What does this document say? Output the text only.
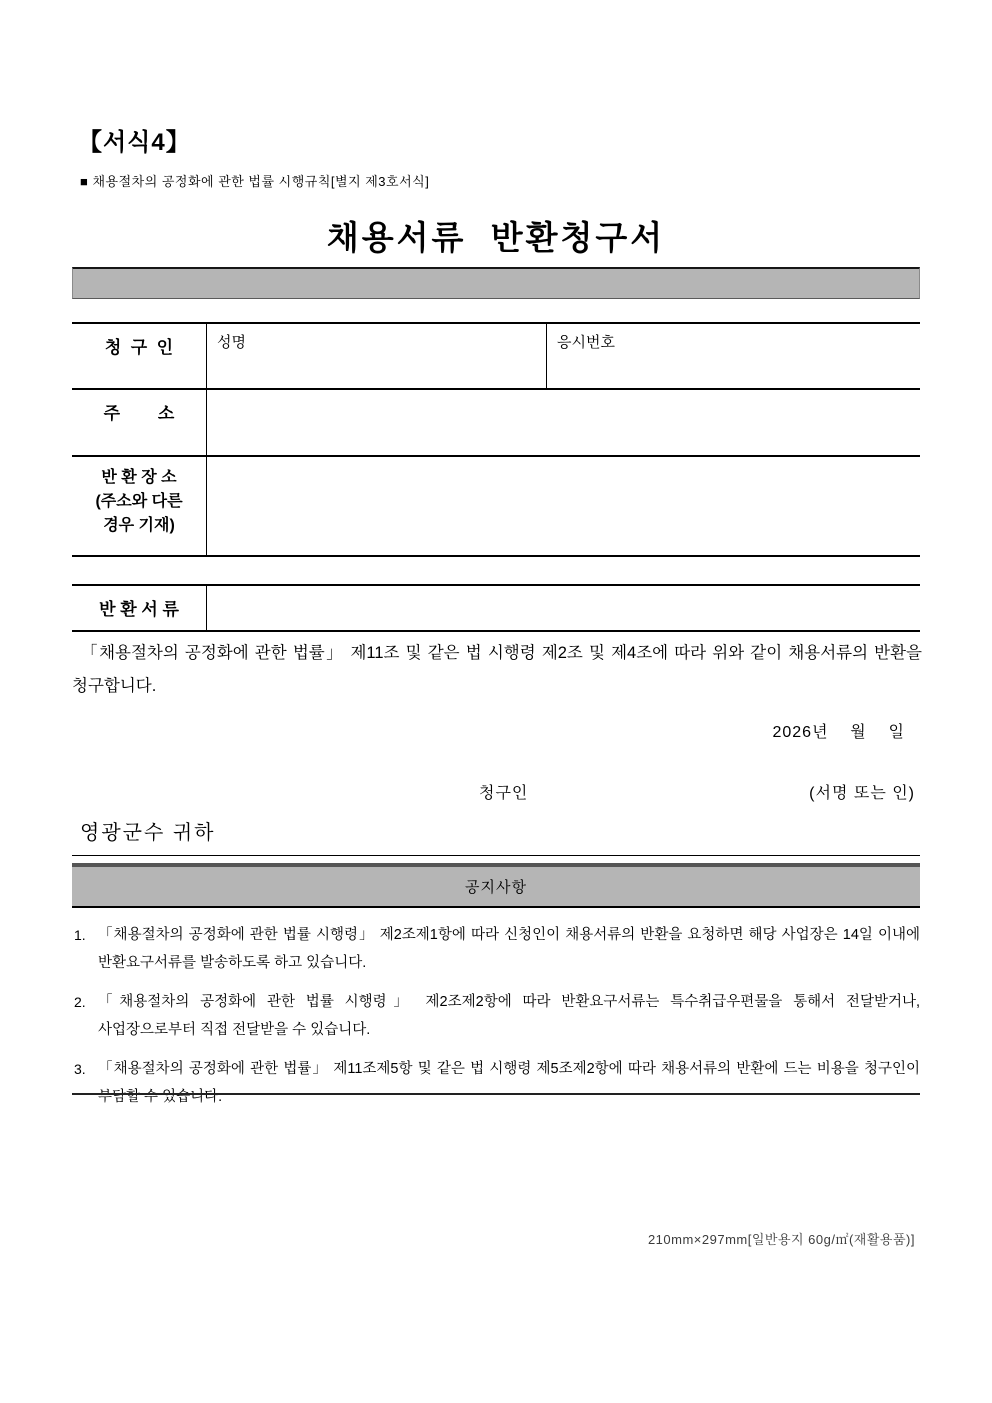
【서식4】
■ 채용절차의 공정화에 관한 법률 시행규칙[별지 제3호서식]
채용서류  반환청구서
청  구  인	성명	응시번호
주        소
반 환 장 소
(주소와 다른
경우 기재)
반 환 서 류
「채용절차의 공정화에 관한 법률」 제11조 및 같은 법 시행령 제2조 및 제4조에 따라 위와 같이 채용서류의 반환을 청구합니다.
2026년    월    일
청구인	(서명 또는 인)
영광군수 귀하
공지사항
1. 「채용절차의 공정화에 관한 법률 시행령」 제2조제1항에 따라 신청인이 채용서류의 반환을 요청하면 해당 사업장은 14일 이내에 반환요구서류를 발송하도록 하고 있습니다.
2. 「채용절차의 공정화에 관한 법률 시행령」 제2조제2항에 따라 반환요구서류는 특수취급우편물을 통해서 전달받거나, 사업장으로부터 직접 전달받을 수 있습니다.
3. 「채용절차의 공정화에 관한 법률」 제11조제5항 및 같은 법 시행령 제5조제2항에 따라 채용서류의 반환에 드는 비용을 청구인이 부담할 수 있습니다.
210mm×297mm[일반용지 60g/㎡(재활용품)]
